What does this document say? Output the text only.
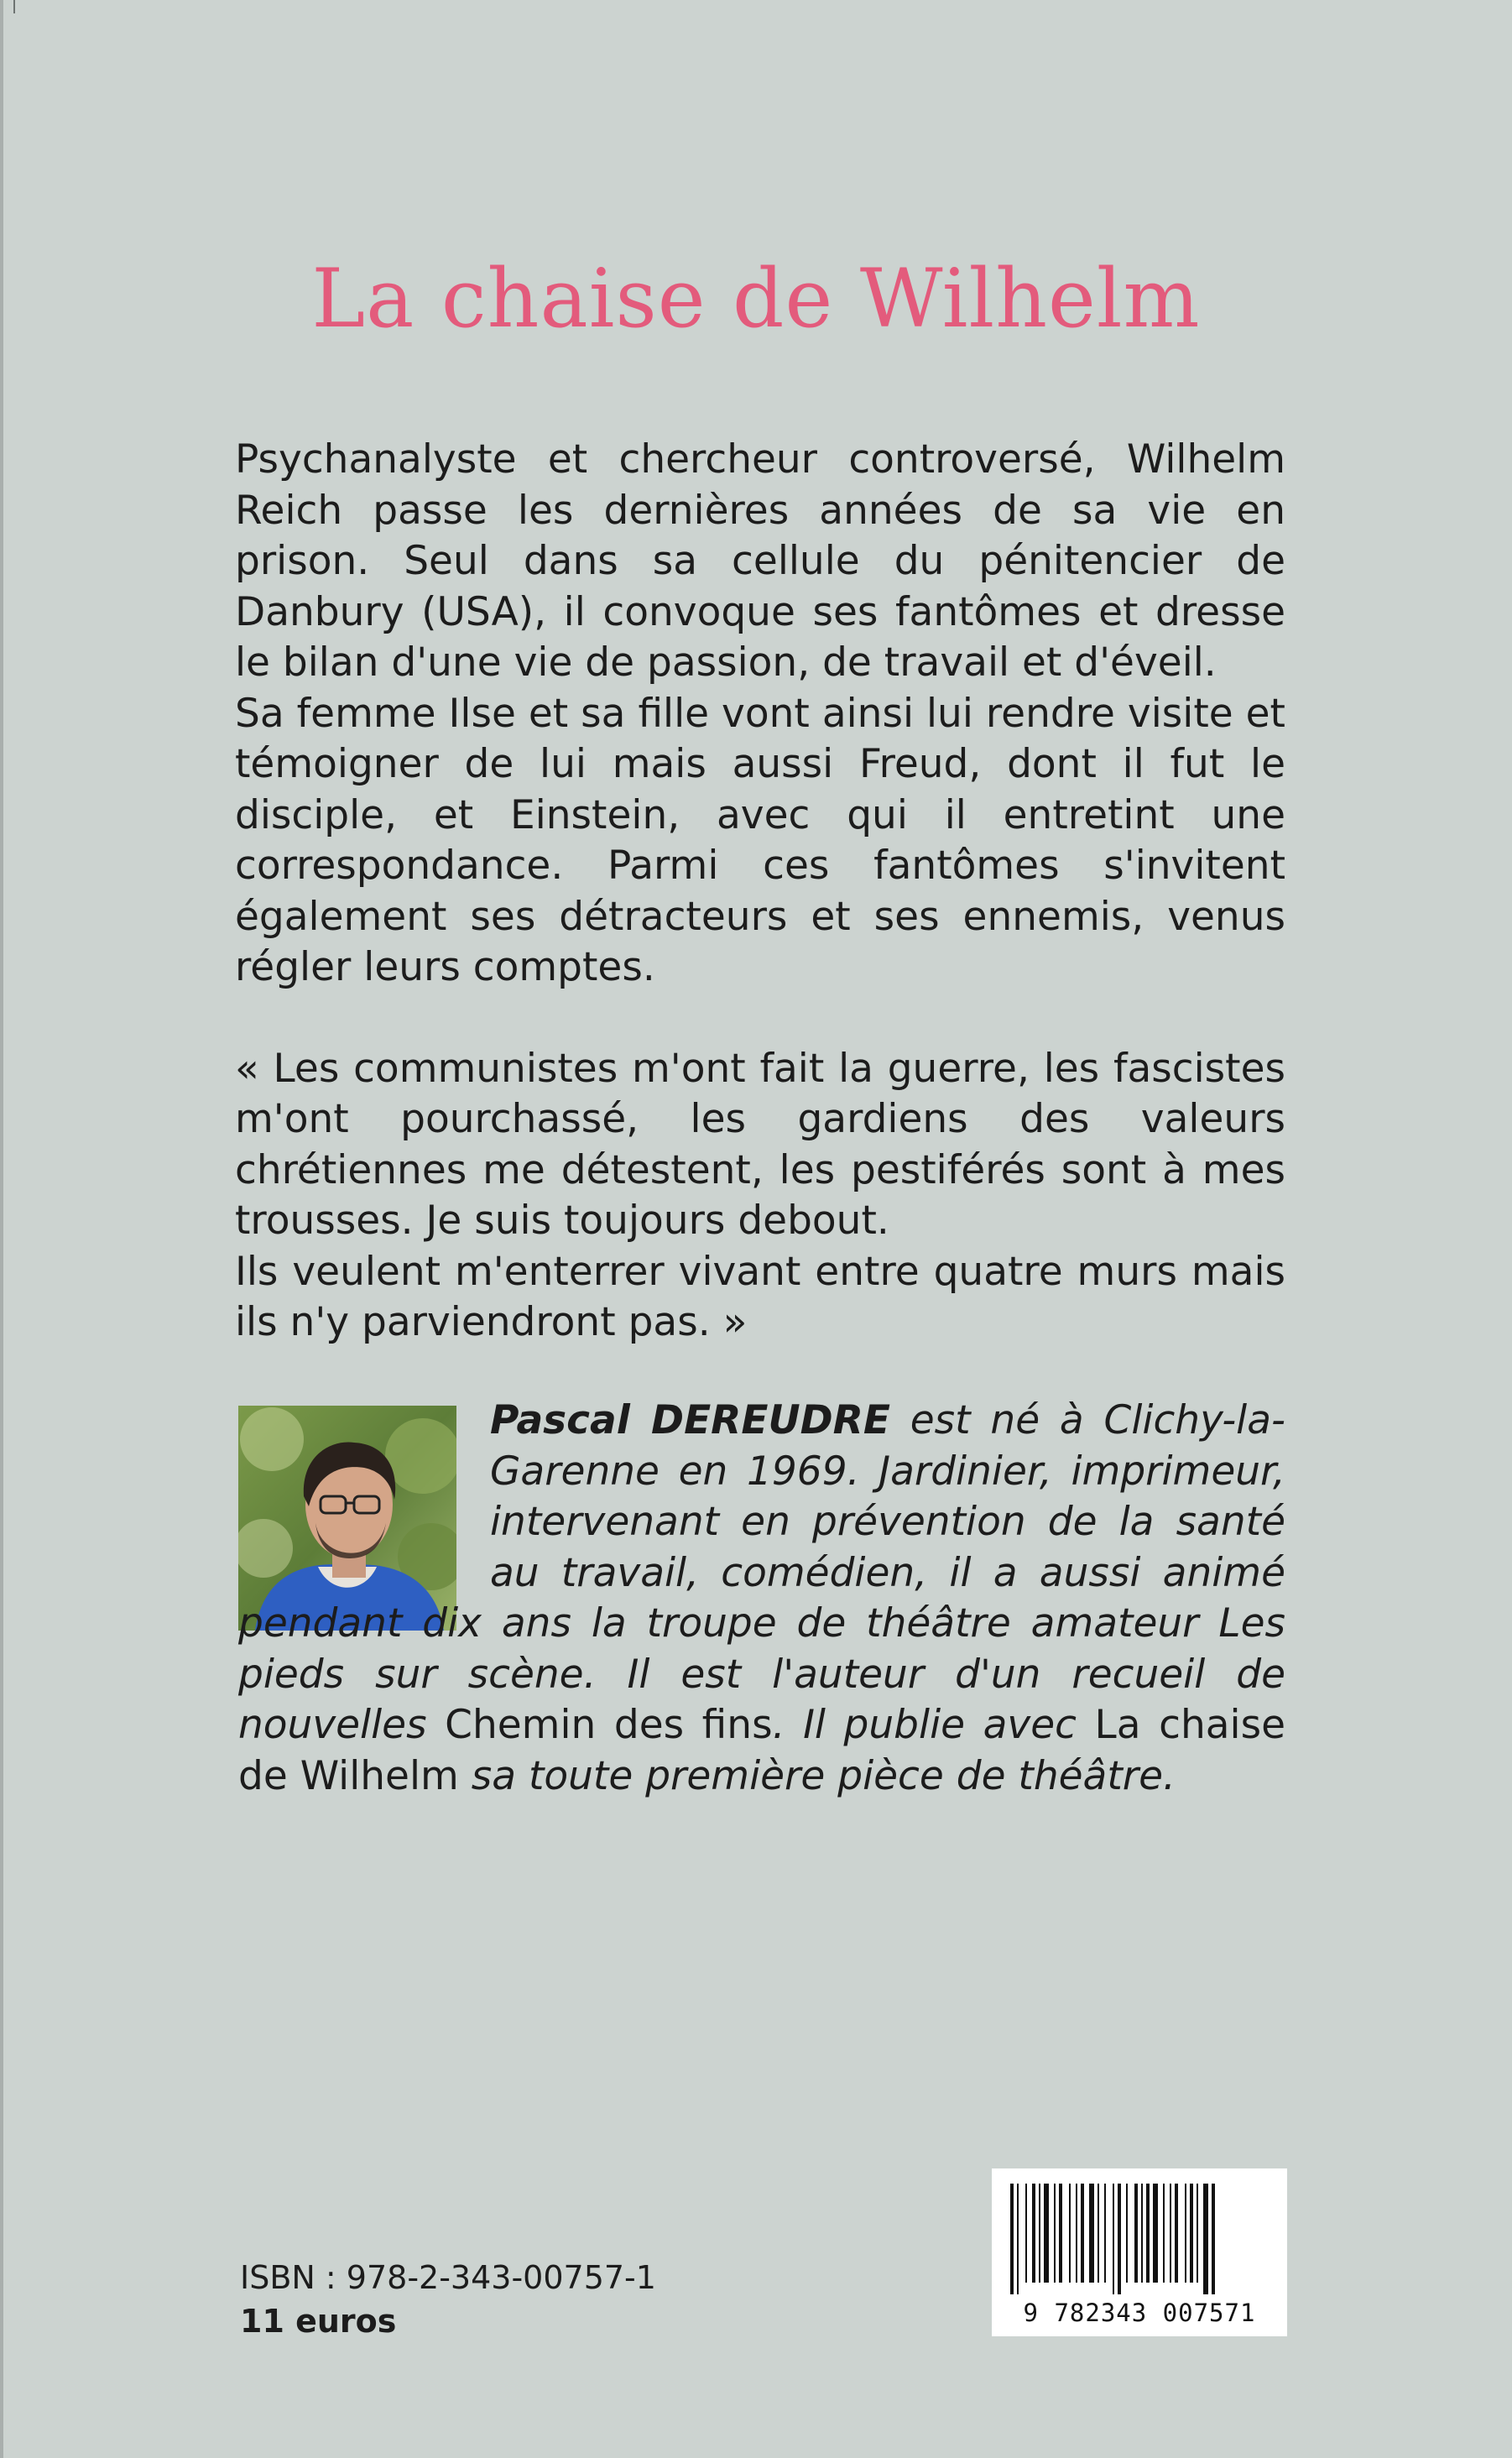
La chaise de Wilhelm

Psychanalyste et chercheur controversé, Wilhelm Reich passe les dernières années de sa vie en prison. Seul dans sa cellule du pénitencier de Danbury (USA), il convoque ses fantômes et dresse le bilan d'une vie de passion, de travail et d'éveil.

Sa femme Ilse et sa fille vont ainsi lui rendre visite et témoigner de lui mais aussi Freud, dont il fut le disciple, et Einstein, avec qui il entretint une correspondance. Parmi ces fantômes s'invitent également ses détracteurs et ses ennemis, venus régler leurs comptes.

« Les communistes m'ont fait la guerre, les fascistes m'ont pourchassé, les gardiens des valeurs chrétiennes me détestent, les pestiférés sont à mes trousses. Je suis toujours debout.

Ils veulent m'enterrer vivant entre quatre murs mais ils n'y parviendront pas. »

Pascal DEREUDRE est né à Clichy-la-Garenne en 1969. Jardinier, imprimeur, intervenant en prévention de la santé au travail, comédien, il a aussi animé pendant dix ans la troupe de théâtre amateur Les pieds sur scène. Il est l'auteur d'un recueil de nouvelles Chemin des fins. Il publie avec La chaise de Wilhelm sa toute première pièce de théâtre.
ISBN : 978-2-343-00757-1
11 euros	9 782343 007571
